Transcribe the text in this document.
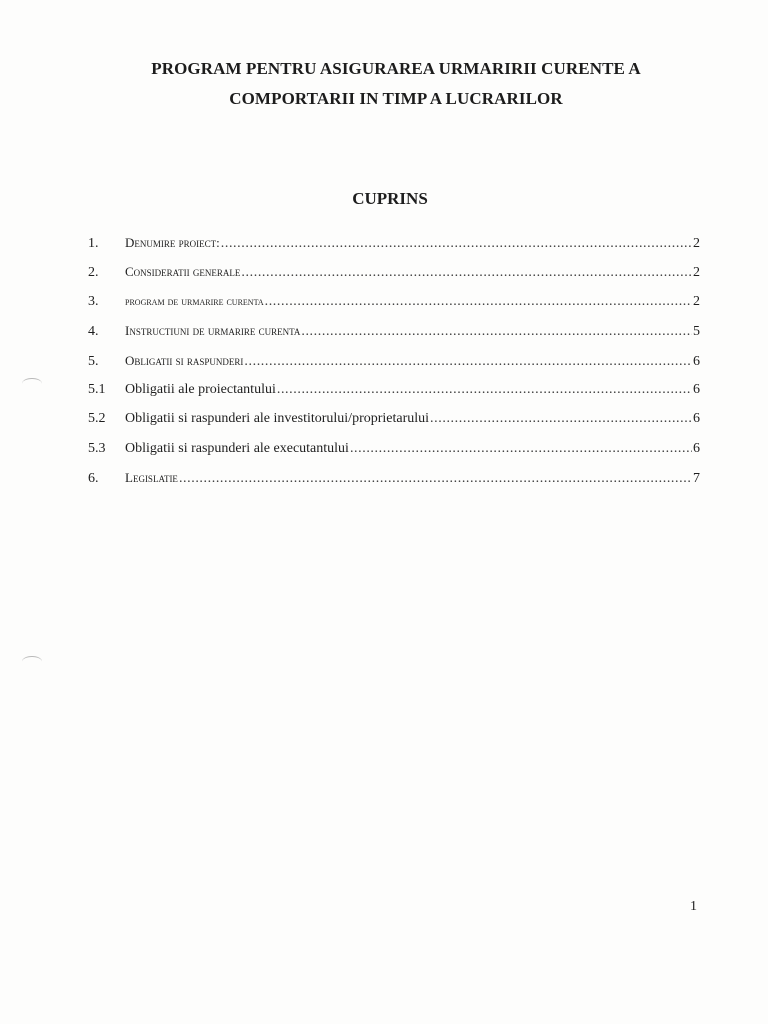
PROGRAM PENTRU ASIGURAREA URMARIRII CURENTE A
COMPORTARII IN TIMP A LUCRARILOR
CUPRINS
1.	Denumire proiect: .....	2
2.	Consideratii generale .....	2
3.	program de urmarire curenta .....	2
4.	Instructiuni de urmarire curenta .....	5
5.	Obligatii si raspunderi .....	6
5.1	Obligatii ale proiectantului .....	6
5.2	Obligatii si raspunderi ale investitorului/proprietarului .....	6
5.3	Obligatii si raspunderi ale executantului .....	6
6.	Legislatie .....	7
1
